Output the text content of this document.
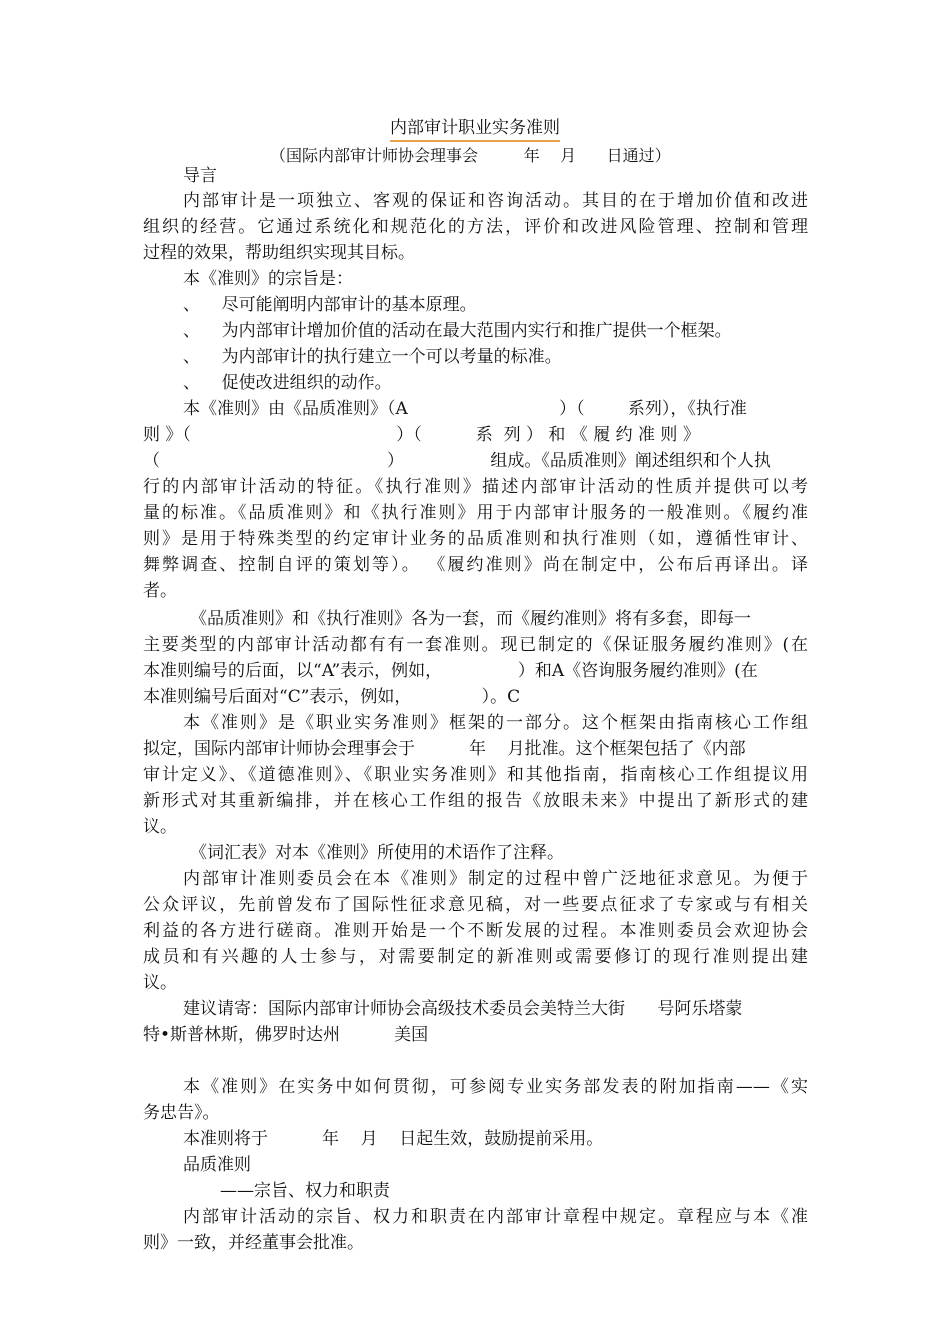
内部审计职业实务准则
（国际内部审计师协会理事会         年    月      日通过）
导言
内部审计是一项独立、客观的保证和咨询活动。其目的在于增加价值和改进
组织的经营。它通过系统化和规范化的方法，评价和改进风险管理、控制和管理
过程的效果，帮助组织实现其目标。
本《准则》的宗旨是：
、    尽可能阐明内部审计的基本原理。
、    为内部审计增加价值的活动在最大范围内实行和推广提供一个框架。
、    为内部审计的执行建立一个可以考量的标准。
、    促使改进组织的动作。
本《准则》由《品质准则》（A                            ）（        系列），《执行准
则 》（                                      ）（          系  列 ） 和 《 履 约 准 则 》
（                                          ）                组成。《品质准则》阐述组织和个人执
行的内部审计活动的特征。《执行准则》描述内部审计活动的性质并提供可以考
量的标准。《品质准则》和《执行准则》用于内部审计服务的一般准则。《履约准
则》是用于特殊类型的约定审计业务的品质准则和执行准则（如，遵循性审计、
舞弊调查、控制自评的策划等）。 《履约准则》尚在制定中，公布后再译出。译
者。
《品质准则》和《执行准则》各为一套，而《履约准则》将有多套，即每一
主要类型的内部审计活动都有有一套准则。现已制定的《保证服务履约准则》(在
本准则编号的后面，以“A”表示，例如，              ）和A《咨询服务履约准则》(在
本准则编号后面对“C”表示，例如，             ）。C
本《准则》是《职业实务准则》框架的一部分。这个框架由指南核心工作组
拟定，国际内部审计师协会理事会于          年    月批准。这个框架包括了《内部
审计定义》、《道德准则》、《职业实务准则》和其他指南，指南核心工作组提议用
新形式对其重新编排，并在核心工作组的报告《放眼未来》中提出了新形式的建
议。
《词汇表》对本《准则》所使用的术语作了注释。
内部审计准则委员会在本《准则》制定的过程中曾广泛地征求意见。为便于
公众评议，先前曾发布了国际性征求意见稿，对一些要点征求了专家或与有相关
利益的各方进行磋商。准则开始是一个不断发展的过程。本准则委员会欢迎协会
成员和有兴趣的人士参与，对需要制定的新准则或需要修订的现行准则提出建
议。
建议请寄：国际内部审计师协会高级技术委员会美特兰大街      号阿乐塔蒙
特•斯普林斯，佛罗时达州          美国
本《准则》在实务中如何贯彻，可参阅专业实务部发表的附加指南——《实
务忠告》。
本准则将于          年    月    日起生效，鼓励提前采用。
品质准则
——宗旨、权力和职责
内部审计活动的宗旨、权力和职责在内部审计章程中规定。章程应与本《准
则》一致，并经董事会批准。
